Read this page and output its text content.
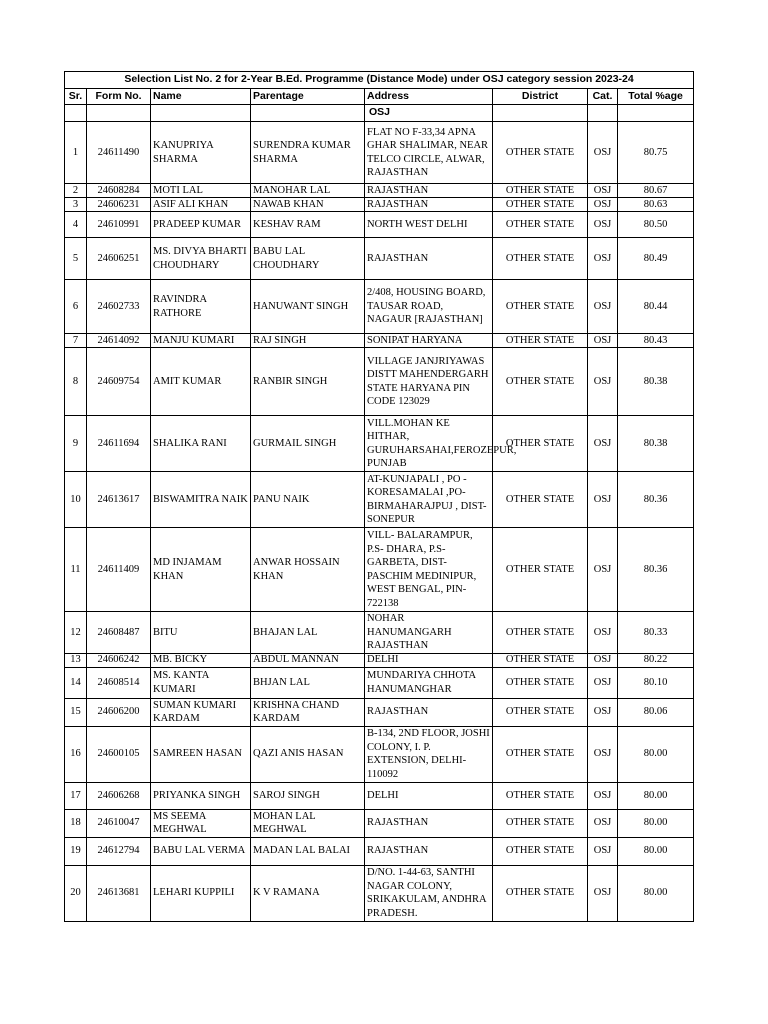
Selection List No. 2 for 2-Year B.Ed. Programme (Distance Mode) under OSJ category session 2023-24							
Sr.	Form No.	Name	Parentage	Address	District	Cat.	Total %age
				OSJ			
1	24611490	KANUPRIYA SHARMA	SURENDRA KUMAR SHARMA	FLAT NO F-33,34 APNA GHAR SHALIMAR, NEAR TELCO CIRCLE, ALWAR, RAJASTHAN	OTHER STATE	OSJ	80.75
2	24608284	MOTI LAL	MANOHAR LAL	RAJASTHAN	OTHER STATE	OSJ	80.67
3	24606231	ASIF ALI KHAN	NAWAB KHAN	RAJASTHAN	OTHER STATE	OSJ	80.63
4	24610991	PRADEEP KUMAR	KESHAV RAM	NORTH WEST DELHI	OTHER STATE	OSJ	80.50
5	24606251	MS. DIVYA BHARTI CHOUDHARY	BABU LAL CHOUDHARY	RAJASTHAN	OTHER STATE	OSJ	80.49
6	24602733	RAVINDRA RATHORE	HANUWANT SINGH	2/408, HOUSING BOARD, TAUSAR ROAD, NAGAUR [RAJASTHAN]	OTHER STATE	OSJ	80.44
7	24614092	MANJU KUMARI	RAJ SINGH	SONIPAT HARYANA	OTHER STATE	OSJ	80.43
8	24609754	AMIT KUMAR	RANBIR SINGH	VILLAGE JANJRIYAWAS DISTT MAHENDERGARH STATE HARYANA PIN CODE 123029	OTHER STATE	OSJ	80.38
9	24611694	SHALIKA RANI	GURMAIL SINGH	VILL.MOHAN KE HITHAR, GURUHARSAHAI,FEROZEPUR, PUNJAB	OTHER STATE	OSJ	80.38
10	24613617	BISWAMITRA NAIK	PANU NAIK	AT-KUNJAPALI , PO - KORESAMALAI ,PO- BIRMAHARAJPUJ , DIST- SONEPUR	OTHER STATE	OSJ	80.36
11	24611409	MD INJAMAM KHAN	ANWAR HOSSAIN KHAN	VILL- BALARAMPUR, P.S- DHARA, P.S- GARBETA, DIST- PASCHIM MEDINIPUR, WEST BENGAL, PIN- 722138	OTHER STATE	OSJ	80.36
12	24608487	BITU	BHAJAN LAL	NOHAR HANUMANGARH RAJASTHAN	OTHER STATE	OSJ	80.33
13	24606242	MB. BICKY	ABDUL MANNAN	DELHI	OTHER STATE	OSJ	80.22
14	24608514	MS. KANTA KUMARI	BHJAN LAL	MUNDARIYA CHHOTA HANUMANGHAR	OTHER STATE	OSJ	80.10
15	24606200	SUMAN KUMARI KARDAM	KRISHNA CHAND KARDAM	RAJASTHAN	OTHER STATE	OSJ	80.06
16	24600105	SAMREEN HASAN	QAZI ANIS HASAN	B-134, 2ND FLOOR, JOSHI COLONY, I. P. EXTENSION, DELHI- 110092	OTHER STATE	OSJ	80.00
17	24606268	PRIYANKA SINGH	SAROJ SINGH	DELHI	OTHER STATE	OSJ	80.00
18	24610047	MS SEEMA MEGHWAL	MOHAN LAL MEGHWAL	RAJASTHAN	OTHER STATE	OSJ	80.00
19	24612794	BABU LAL VERMA	MADAN LAL BALAI	RAJASTHAN	OTHER STATE	OSJ	80.00
20	24613681	LEHARI KUPPILI	K V RAMANA	D/NO. 1-44-63, SANTHI NAGAR COLONY, SRIKAKULAM, ANDHRA PRADESH.	OTHER STATE	OSJ	80.00
